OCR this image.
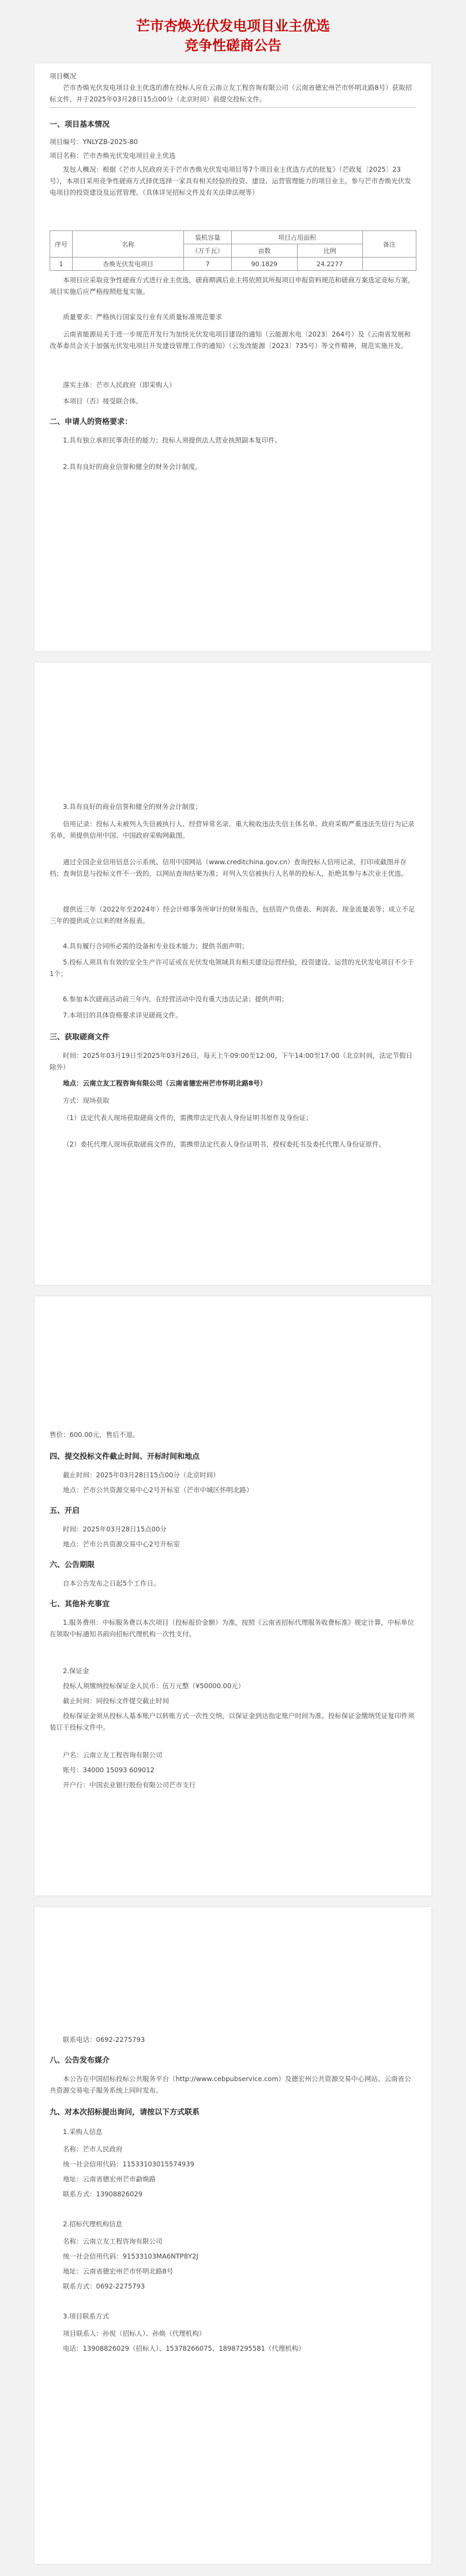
芒市杏焕光伏发电项目业主优选
竞争性磋商公告
项目概况
芒市杏焕光伏发电项目业主优选的潜在投标人应在云南立友工程咨询有限公司（云南省德宏州芒市怀明北路8号）获取招标文件，并于2025年03月28日15点00分（北京时间）前提交投标文件。
一、项目基本情况
项目编号：YNLYZB-2025-80
项目名称：芒市杏焕光伏发电项目业主优选
发包人概况：根据《芒市人民政府关于芒市杏焕光伏发电项目等7个项目业主优选方式的批复》（芒政复〔2025〕23号），本项目采用竞争性磋商方式择优选择一家具有相关经验的投资、建设、运营管理能力的项目业主。参与芒市杏焕光伏发电项目的投资建设及运营管理。（具体详见招标文件及有关法律法规等）
序号	名称	装机容量	项目占用面积		备注
		（万千瓦）	亩数	比例	
1	杏焕光伏发电项目	7	90.1829	24.2277	
本项目应采取竞争性磋商方式进行业主优选，磋商期满后业主将依照其所报项目申报资料规范和磋商方案选定竞标方案，项目实施后应严格按照批复实施。
质量要求：严格执行国家及行业有关质量标准规范要求
云南省能源局关于进一步规范开发行为加快光伏发电项目建设的通知（云能源水电〔2023〕264号）及《云南省发展和改革委员会关于加强光伏发电项目开发建设管理工作的通知》（云发改能源〔2023〕735号）等文件精神，规范实施开发。
落实主体：芒市人民政府（即采购人）
本项目（否）接受联合体。
二、申请人的资格要求：
1.具有独立承担民事责任的能力；投标人须提供法人营业执照副本复印件。
2.具有良好的商业信誉和健全的财务会计制度。
3.具有良好的商业信誉和健全的财务会计制度；
信用记录：投标人未被列入失信被执行人、经营异常名录、重大税收违法失信主体名单、政府采购严重违法失信行为记录名单，须提供信用中国、中国政府采购网截图。
通过全国企业信用信息公示系统、信用中国网站（www.creditchina.gov.cn）查询投标人信用记录，打印或截图并存档；查询信息与投标文件不一致的，以网站查询结果为准；对列入失信被执行人名单的投标人，拒绝其参与本次业主优选。
提供近三年（2022年至2024年）经会计师事务所审计的财务报告，包括资产负债表、利润表、现金流量表等；成立不足三年的提供成立以来的财务报表。
4.具有履行合同所必需的设备和专业技术能力；提供书面声明；
5.投标人须具有有效的安全生产许可证或在光伏发电领域具有相关建设运营经验，投资建设、运营的光伏发电项目不少于1个；
6.参加本次磋商活动前三年内，在经营活动中没有重大违法记录；提供声明；
7.本项目的具体资格要求详见磋商文件。
三、获取磋商文件
时间：2025年03月19日至2025年03月26日，每天上午09:00至12:00，下午14:00至17:00（北京时间，法定节假日除外）
地点：云南立友工程咨询有限公司（云南省德宏州芒市怀明北路8号）
方式：现场获取
（1）法定代表人现场获取磋商文件的，需携带法定代表人身份证明书原件及身份证；
（2）委托代理人现场获取磋商文件的，需携带法定代表人身份证明书、授权委托书及委托代理人身份证原件。
售价：600.00元，售后不退。
四、提交投标文件截止时间、开标时间和地点
截止时间：2025年03月28日15点00分（北京时间）
地点：芒市公共资源交易中心2号开标室（芒市中城区怀明北路）
五、开启
时间：2025年03月28日15点00分
地点：芒市公共资源交易中心2号开标室
六、公告期限
自本公告发布之日起5个工作日。
七、其他补充事宜
1.服务费用：中标服务费以本次项目（投标报价金额）为准，按照《云南省招标代理服务收费标准》规定计算，中标单位在领取中标通知书前向招标代理机构一次性支付。
2.保证金
投标人须缴纳投标保证金人民币：伍万元整（¥50000.00元）
截止时间：同投标文件提交截止时间
投标保证金须从投标人基本账户以转账方式一次性交纳，以保证金到达指定账户时间为准。投标保证金缴纳凭证复印件须装订于投标文件中。
户名：云南立友工程咨询有限公司
账号：34000 15093 609012
开户行：中国农业银行股份有限公司芒市支行
联系电话：0692-2275793
八、公告发布媒介
本公告在中国招标投标公共服务平台（http://www.cebpubservice.com）及德宏州公共资源交易中心网站、云南省公共资源交易电子服务系统上同时发布。
九、对本次招标提出询问，请按以下方式联系
1.采购人信息
名称：芒市人民政府
统一社会信用代码：11533103015574939
地址：云南省德宏州芒市勐焕路
联系方式：13908826029
2.招标代理机构信息
名称：云南立友工程咨询有限公司
统一社会信用代码：91533103MA6NTP8Y2J
地址：云南省德宏州芒市怀明北路8号
联系方式：0692-2275793
3.项目联系方式
项目联系人：孙悦（招标人）、孙焕（代理机构）
电话：13908826029（招标人）、15378266075、18987295581（代理机构）
